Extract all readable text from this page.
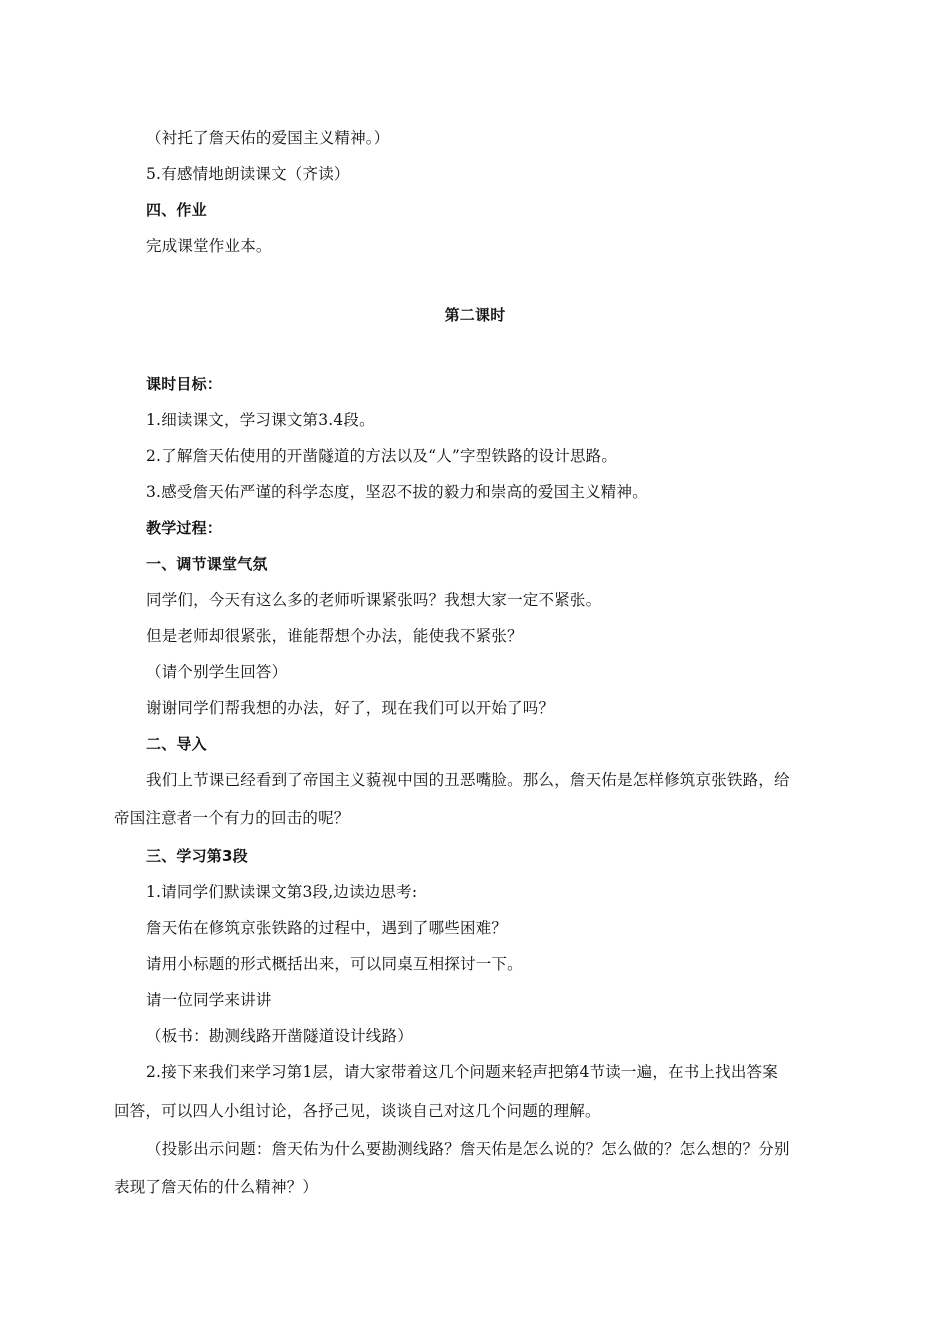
（衬托了詹天佑的爱国主义精神。）
5.有感情地朗读课文（齐读）
四、作业
完成课堂作业本。
第二课时
课时目标：
1.细读课文，学习课文第3.4段。
2.了解詹天佑使用的开凿隧道的方法以及“人”字型铁路的设计思路。
3.感受詹天佑严谨的科学态度，坚忍不拔的毅力和崇高的爱国主义精神。
教学过程：
一、调节课堂气氛
同学们，今天有这么多的老师听课紧张吗？我想大家一定不紧张。
但是老师却很紧张，谁能帮想个办法，能使我不紧张？
（请个别学生回答）
谢谢同学们帮我想的办法，好了，现在我们可以开始了吗？
二、导入
我们上节课已经看到了帝国主义藐视中国的丑恶嘴脸。那么，詹天佑是怎样修筑京张铁路，给
帝国注意者一个有力的回击的呢？
三、学习第3段
1.请同学们默读课文第3段,边读边思考:
詹天佑在修筑京张铁路的过程中，遇到了哪些困难？
请用小标题的形式概括出来，可以同桌互相探讨一下。
请一位同学来讲讲
（板书：勘测线路开凿隧道设计线路）
2.接下来我们来学习第1层，请大家带着这几个问题来轻声把第4节读一遍，在书上找出答案
回答，可以四人小组讨论，各抒己见，谈谈自己对这几个问题的理解。
（投影出示问题：詹天佑为什么要勘测线路？詹天佑是怎么说的？怎么做的？怎么想的？分别
表现了詹天佑的什么精神？）
